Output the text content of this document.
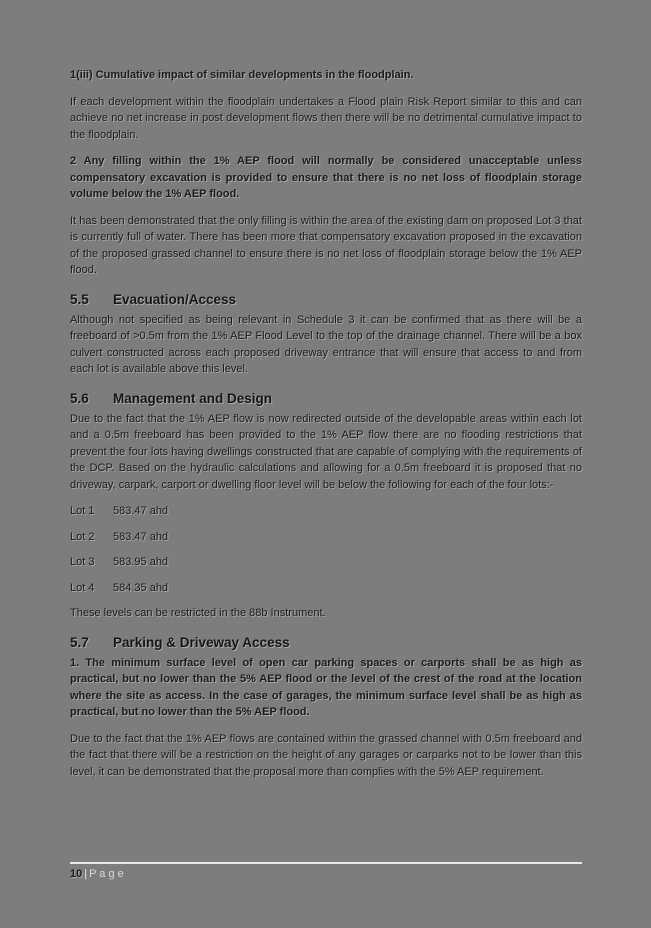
1(iii) Cumulative impact of similar developments in the floodplain.

If each development within the floodplain undertakes a Flood plain Risk Report similar to this and can achieve no net increase in post development flows then there will be no detrimental cumulative impact to the floodplain.

2 Any filling within the 1% AEP flood will normally be considered unacceptable unless compensatory excavation is provided to ensure that there is no net loss of floodplain storage volume below the 1% AEP flood.

It has been demonstrated that the only filling is within the area of the existing dam on proposed Lot 3 that is currently full of water. There has been more that compensatory excavation proposed in the excavation of the proposed grassed channel to ensure there is no net loss of floodplain storage below the 1% AEP flood.

5.5	Evacuation/Access

Although not specified as being relevant in Schedule 3 it can be confirmed that as there will be a freeboard of >0.5m from the 1% AEP Flood Level to the top of the drainage channel. There will be a box culvert constructed across each proposed driveway entrance that will ensure that access to and from each lot is available above this level.

5.6	Management and Design

Due to the fact that the 1% AEP flow is now redirected outside of the developable areas within each lot and a 0.5m freeboard has been provided to the 1% AEP flow there are no flooding restrictions that prevent the four lots having dwellings constructed that are capable of complying with the requirements of the DCP. Based on the hydraulic calculations and allowing for a 0.5m freeboard it is proposed that no driveway, carpark, carport or dwelling floor level will be below the following for each of the four lots:-

Lot 1	583.47 ahd
Lot 2	583.47 ahd
Lot 3	583.95 ahd
Lot 4	584.35 ahd

These levels can be restricted in the 88b Instrument.

5.7	Parking & Driveway Access

1. The minimum surface level of open car parking spaces or carports shall be as high as practical, but no lower than the 5% AEP flood or the level of the crest of the road at the location where the site as access. In the case of garages, the minimum surface level shall be as high as practical, but no lower than the 5% AEP flood.

Due to the fact that the 1% AEP flows are contained within the grassed channel with 0.5m freeboard and the fact that there will be a restriction on the height of any garages or carparks not to be lower than this level, it can be demonstrated that the proposal more than complies with the 5% AEP requirement.

10 | P a g e
